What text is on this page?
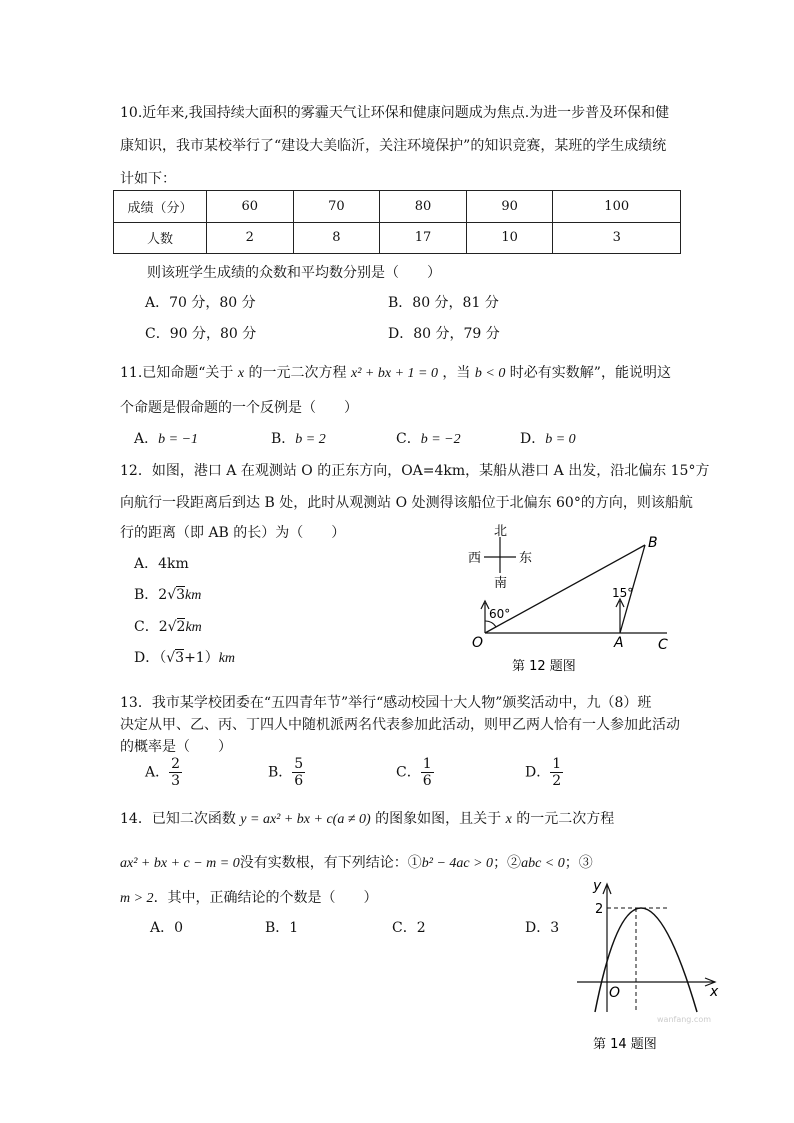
10.近年来,我国持续大面积的雾霾天气让环保和健康问题成为焦点.为进一步普及环保和健
康知识，我市某校举行了“建设大美临沂，关注环境保护”的知识竞赛，某班的学生成绩统
计如下：
成绩（分）	60	70	80	90	100
人数	2	8	17	10	3
则该班学生成绩的众数和平均数分别是（　　）
A．70 分，80 分	B．80 分，81 分
C．90 分，80 分	D．80 分，79 分
11.已知命题“关于 x 的一元二次方程 x² + bx + 1 = 0 ，当 b < 0 时必有实数解”，能说明这
个命题是假命题的一个反例是（　　）
A．b = −1	B．b = 2	C．b = −2	D．b = 0
12．如图，港口 A 在观测站 O 的正东方向，OA=4km，某船从港口 A 出发，沿北偏东 15°方
向航行一段距离后到达 B 处，此时从观测站 O 处测得该船位于北偏东 60°的方向，则该船航
行的距离（即 AB 的长）为（　　）
A．4km
B．2√3km
C．2√2km
D．（√3+1）km
北
西	东
南
60°
15°
O	A
B
C
第 12 题图
13．我市某学校团委在“五四青年节”举行“感动校园十大人物”颁奖活动中，九（8）班
决定从甲、乙、丙、丁四人中随机派两名代表参加此活动，则甲乙两人恰有一人参加此活动
的概率是（　　）
A． $\frac{2}{3}$	B． $\frac{5}{6}$	C． $\frac{1}{6}$	D． $\frac{1}{2}$
14．已知二次函数 y = ax² + bx + c(a ≠ 0) 的图象如图，且关于 x 的一元二次方程
ax² + bx + c − m = 0没有实数根，有下列结论：①b² − 4ac > 0；②abc < 0；③
m > 2．其中，正确结论的个数是（　　）
A．0	B．1	C．2	D．3
y
x
2
O
wanfang.com
第 14 题图
